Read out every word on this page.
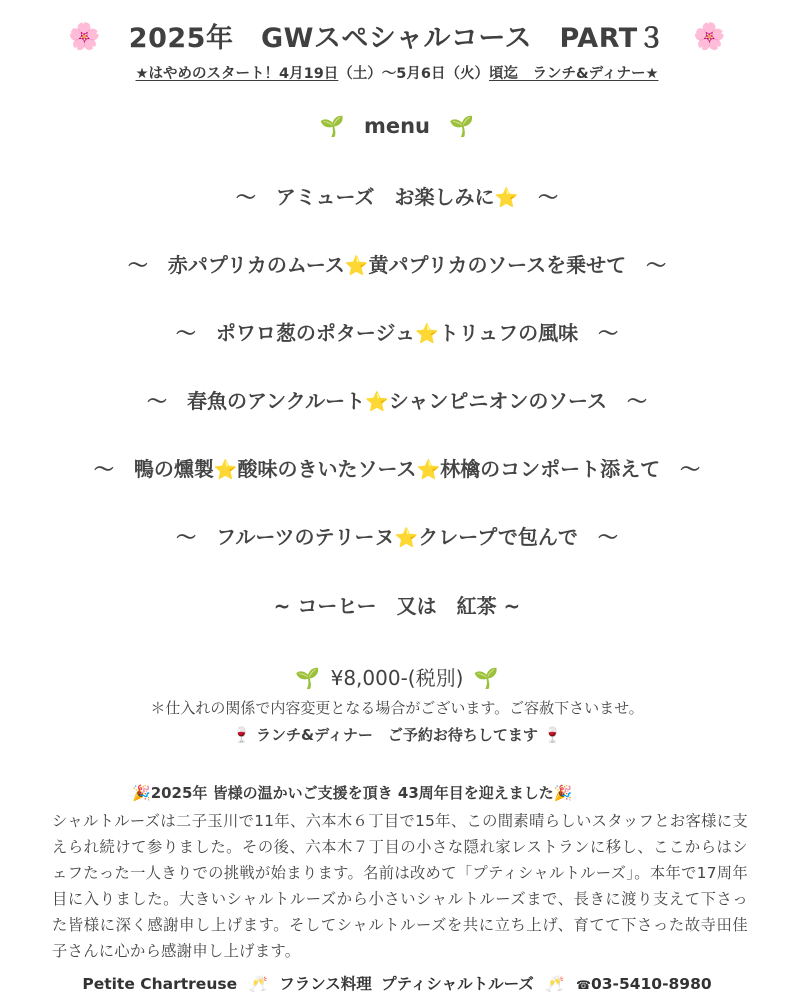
🌸 2025年　GWスペシャルコース　PART３ 🌸
★はやめのスタート！4月19日（土）～5月6日（火）頃迄　ランチ&ディナー★
🌱 menu 🌱
～　アミューズ　お楽しみに⭐　～
～　赤パプリカのムース⭐黄パプリカのソースを乗せて　～
～　ポワロ葱のポタージュ⭐トリュフの風味　～
～　春魚のアンクルート⭐シャンピニオンのソース　～
～　鴨の燻製⭐酸味のきいたソース⭐林檎のコンポート添えて　～
～　フルーツのテリーヌ⭐クレープで包んで　～
~ コーヒー　又は　紅茶 ~
🌱 ¥8,000-(税別) 🌱
＊仕入れの関係で内容変更となる場合がございます。ご容赦下さいませ。
🍷 ランチ&ディナー　ご予約お待ちしてます 🍷
🎉2025年 皆様の温かいご支援を頂き 43周年目を迎えました🎉
シャルトルーズは二子玉川で11年、六本木６丁目で15年、この間素晴らしいスタッフとお客様に支えられ続けて参りました。その後、六本木７丁目の小さな隠れ家レストランに移し、ここからはシェフたった一人きりでの挑戦が始まります。名前は改めて「プティシャルトルーズ」。本年で17周年目に入りました。大きいシャルトルーズから小さいシャルトルーズまで、長きに渡り支えて下さった皆様に深く感謝申し上げます。そしてシャルトルーズを共に立ち上げ、育てて下さった故寺田佳子さんに心から感謝申し上げます。
Petite Chartreuse 🥂 フランス料理 プティシャルトルーズ 🥂 ☎03-5410-8980
